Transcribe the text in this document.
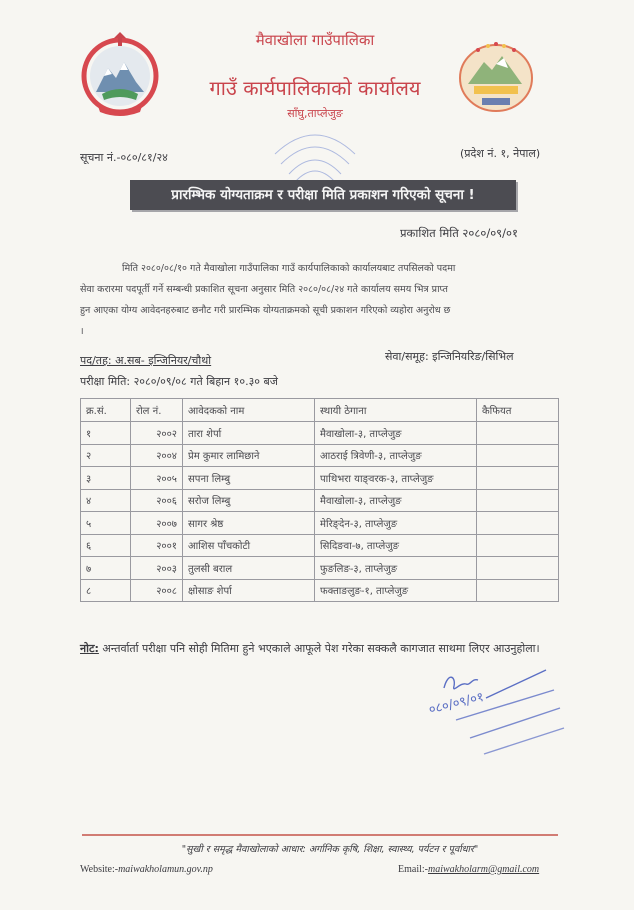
मैवाखोला गाउँपालिका
गाउँ कार्यपालिकाको कार्यालय
साँघु,ताप्लेजुङ
सूचना नं.-०८०/८१/२४	(प्रदेश नं. १, नेपाल)
प्रारम्भिक योग्यताक्रम र परीक्षा मिति प्रकाशन गरिएको सूचना !
प्रकाशित मिति २०८०/०९/०१
मिति २०८०/०८/१० गते मैवाखोला गाउँपालिका गाउँ कार्यपालिकाको कार्यालयबाट तपसिलको पदमा
सेवा करारमा पदपूर्ती गर्ने सम्बन्धी प्रकाशित सूचना अनुसार मिति २०८०/०८/२४ गते कार्यालय समय भित्र प्राप्त
हुन आएका योग्य आवेदनहरुबाट छनौट गरी प्रारम्भिक योग्यताक्रमको सूची प्रकाशन गरिएको व्यहोरा अनुरोध छ
।
पद/तह: अ.सब- इन्जिनियर/चौथो	सेवा/समूह: इन्जिनियरिङ/सिभिल
परीक्षा मिति: २०८०/०९/०८ गते बिहान १०.३० बजे
क्र.सं.	रोल नं.	आवेदकको नाम	स्थायी ठेगाना	कैफियत
१	२००२	तारा शेर्पा	मैवाखोला-३, ताप्लेजुङ	
२	२००४	प्रेम कुमार लामिछाने	आठराई त्रिवेणी-३, ताप्लेजुङ	
३	२००५	सपना लिम्बु	पाथिभरा याङ्वरक-३, ताप्लेजुङ	
४	२००६	सरोज लिम्बु	मैवाखोला-३, ताप्लेजुङ	
५	२००७	सागर श्रेष्ठ	मेरिङ्देन-३, ताप्लेजुङ	
६	२००१	आशिस पाँचकोटी	सिदिङवा-७, ताप्लेजुङ	
७	२००३	तुलसी बराल	फुङलिङ-३, ताप्लेजुङ	
८	२००८	क्षोसाङ शेर्पा	फक्ताङलुङ-१, ताप्लेजुङ	
नोट: अन्तर्वार्ता परीक्षा पनि सोही मितिमा हुने भएकाले आफूले पेश गरेका सक्कलै कागजात साथमा लिएर आउनुहोला।
०८०/०९/०१
"सुखी र समृद्ध मैवाखोलाको आधार: अर्गानिक कृषि, शिक्षा, स्वास्थ्य, पर्यटन र पूर्वाधार"
Website:-maiwakholamun.gov.np	Email:-maiwakholarm@gmail.com
